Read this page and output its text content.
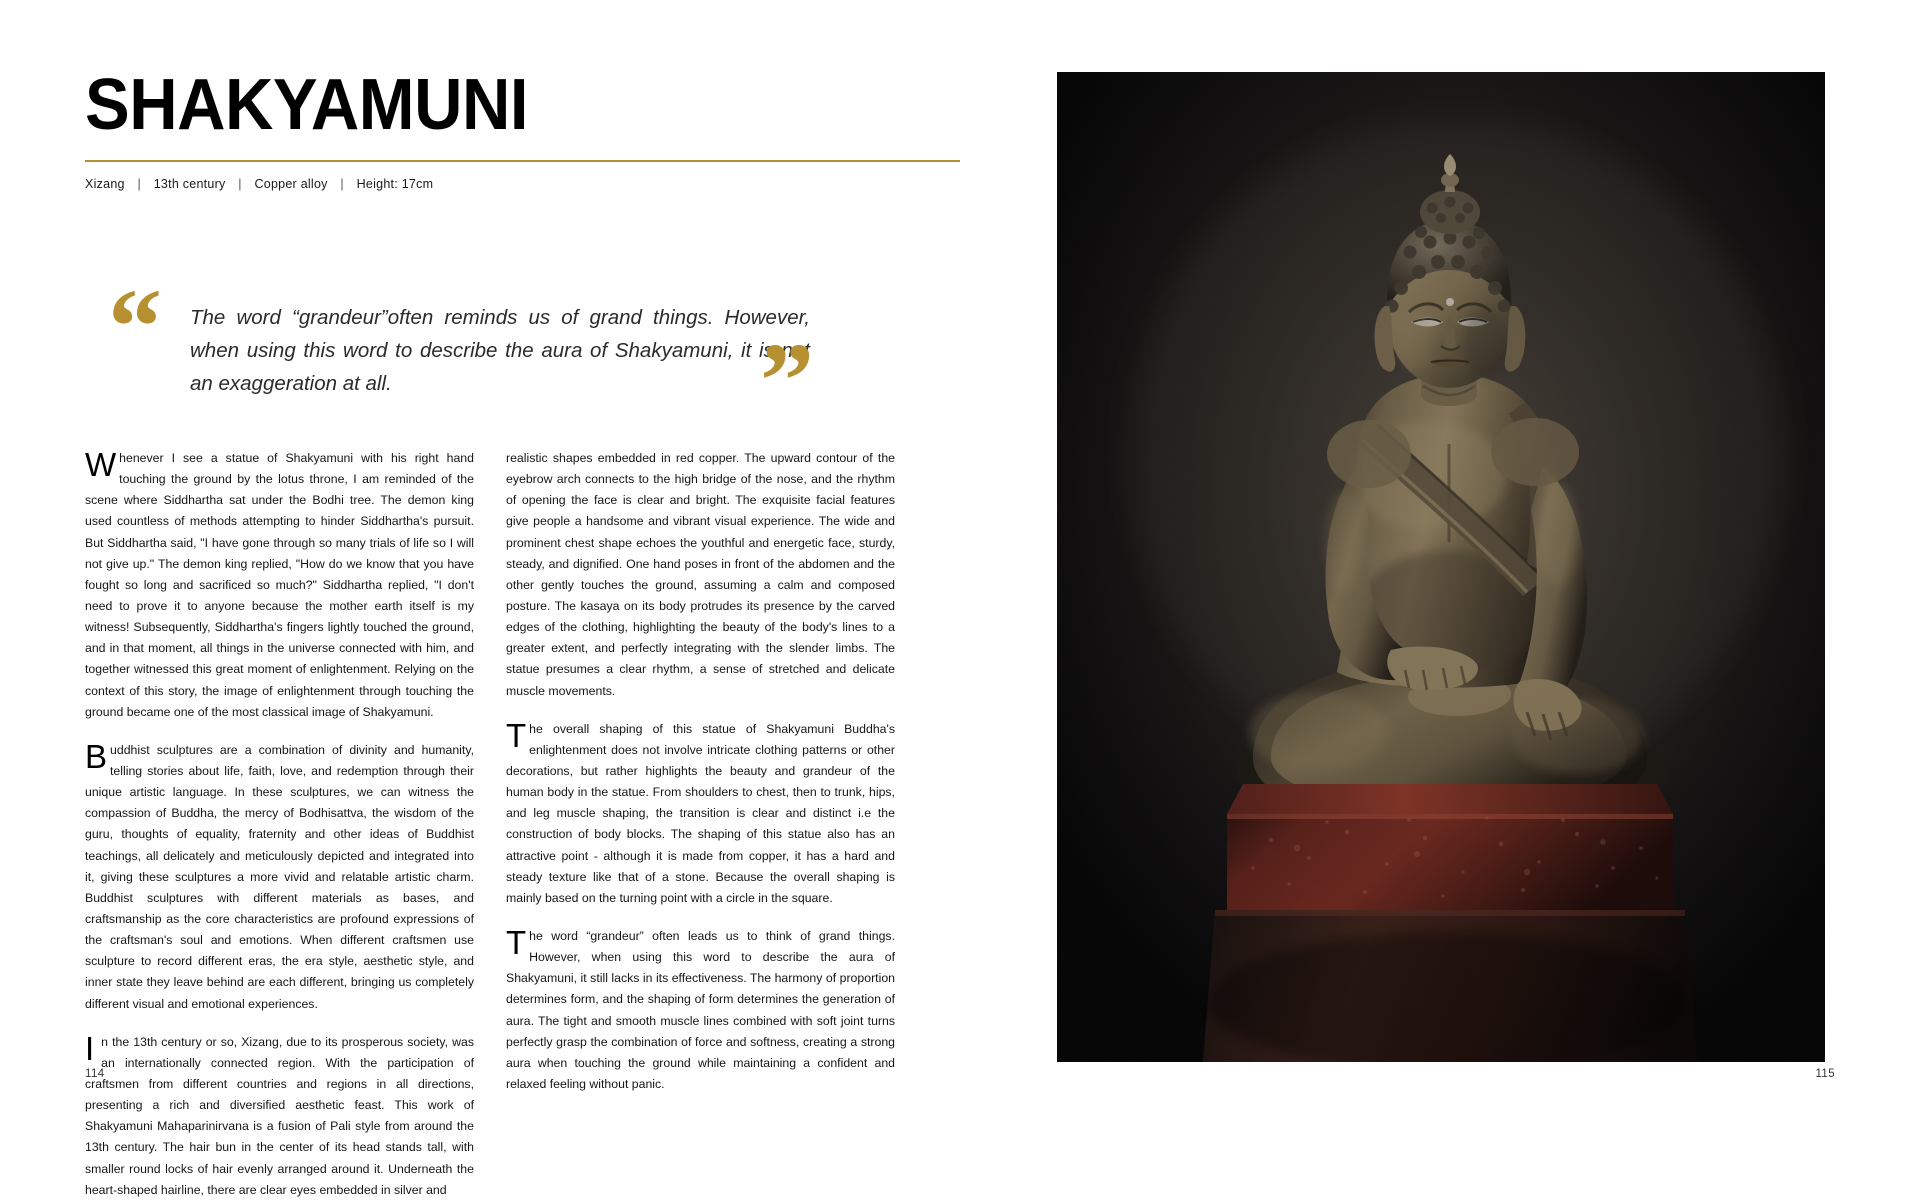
SHAKYAMUNI
Xizang | 13th century | Copper alloy | Height: 17cm
“ The word “grandeur”often reminds us of grand things. However, when using this word to describe the aura of Shakyamuni, it is not an exaggeration at all.	”

Whenever I see a statue of Shakyamuni with his right hand touching the ground by the lotus throne, I am reminded of the scene where Siddhartha sat under the Bodhi tree. The demon king used countless of methods attempting to hinder Siddhartha's pursuit. But Siddhartha said, "I have gone through so many trials of life so I will not give up." The demon king replied, "How do we know that you have fought so long and sacrificed so much?" Siddhartha replied, "I don't need to prove it to anyone because the mother earth itself is my witness! Subsequently, Siddhartha's fingers lightly touched the ground, and in that moment, all things in the universe connected with him, and together witnessed this great moment of enlightenment. Relying on the context of this story, the image of enlightenment through touching the ground became one of the most classical image of Shakyamuni.

Buddhist sculptures are a combination of divinity and humanity, telling stories about life, faith, love, and redemption through their unique artistic language. In these sculptures, we can witness the compassion of Buddha, the mercy of Bodhisattva, the wisdom of the guru, thoughts of equality, fraternity and other ideas of Buddhist teachings, all delicately and meticulously depicted and integrated into it, giving these sculptures a more vivid and relatable artistic charm. Buddhist sculptures with different materials as bases, and craftsmanship as the core characteristics are profound expressions of the craftsman's soul and emotions. When different craftsmen use sculpture to record different eras, the era style, aesthetic style, and inner state they leave behind are each different, bringing us completely different visual and emotional experiences.

In the 13th century or so, Xizang, due to its prosperous society, was an internationally connected region. With the participation of craftsmen from different countries and regions in all directions, presenting a rich and diversified aesthetic feast. This work of Shakyamuni Mahaparinirvana is a fusion of Pali style from around the 13th century. The hair bun in the center of its head stands tall, with smaller round locks of hair evenly arranged around it. Underneath the heart-shaped hairline, there are clear eyes embedded in silver and

realistic shapes embedded in red copper. The upward contour of the eyebrow arch connects to the high bridge of the nose, and the rhythm of opening the face is clear and bright. The exquisite facial features give people a handsome and vibrant visual experience. The wide and prominent chest shape echoes the youthful and energetic face, sturdy, steady, and dignified. One hand poses in front of the abdomen and the other gently touches the ground, assuming a calm and composed posture. The kasaya on its body protrudes its presence by the carved edges of the clothing, highlighting the beauty of the body's lines to a greater extent, and perfectly integrating with the slender limbs. The statue presumes a clear rhythm, a sense of stretched and delicate muscle movements.

The overall shaping of this statue of Shakyamuni Buddha's enlightenment does not involve intricate clothing patterns or other decorations, but rather highlights the beauty and grandeur of the human body in the statue. From shoulders to chest, then to trunk, hips, and leg muscle shaping, the transition is clear and distinct i.e the construction of body blocks. The shaping of this statue also has an attractive point - although it is made from copper, it has a hard and steady texture like that of a stone. Because the overall shaping is mainly based on the turning point with a circle in the square.

The word “grandeur” often leads us to think of grand things. However, when using this word to describe the aura of Shakyamuni, it still lacks in its effectiveness. The harmony of proportion determines form, and the shaping of form determines the generation of aura. The tight and smooth muscle lines combined with soft joint turns perfectly grasp the combination of force and softness, creating a strong aura when touching the ground while maintaining a confident and relaxed feeling without panic.

114	115
